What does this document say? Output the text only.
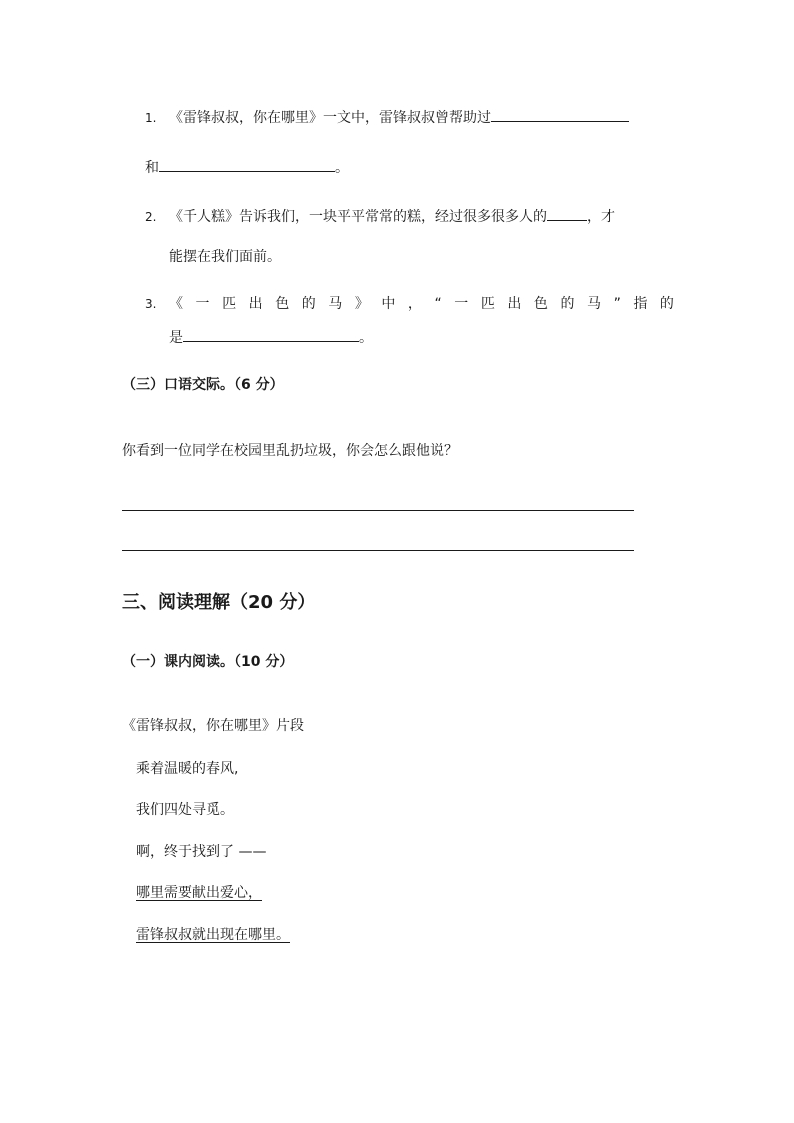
1. 《雷锋叔叔，你在哪里》一文中，雷锋叔叔曾帮助过
和	。
2. 《千人糕》告诉我们，一块平平常常的糕，经过很多很多人的	，才
能摆在我们面前。
3. 《 一 匹 出 色 的 马 》 中 ， “ 一 匹 出 色 的 马 ” 指 的
是	。
（三）口语交际。（6 分）
你看到一位同学在校园里乱扔垃圾，你会怎么跟他说？
三、阅读理解（20 分）
（一）课内阅读。（10 分）
《雷锋叔叔，你在哪里》片段
乘着温暖的春风,
我们四处寻觅。
啊，终于找到了 ——
哪里需要献出爱心，
雷锋叔叔就出现在哪里。
